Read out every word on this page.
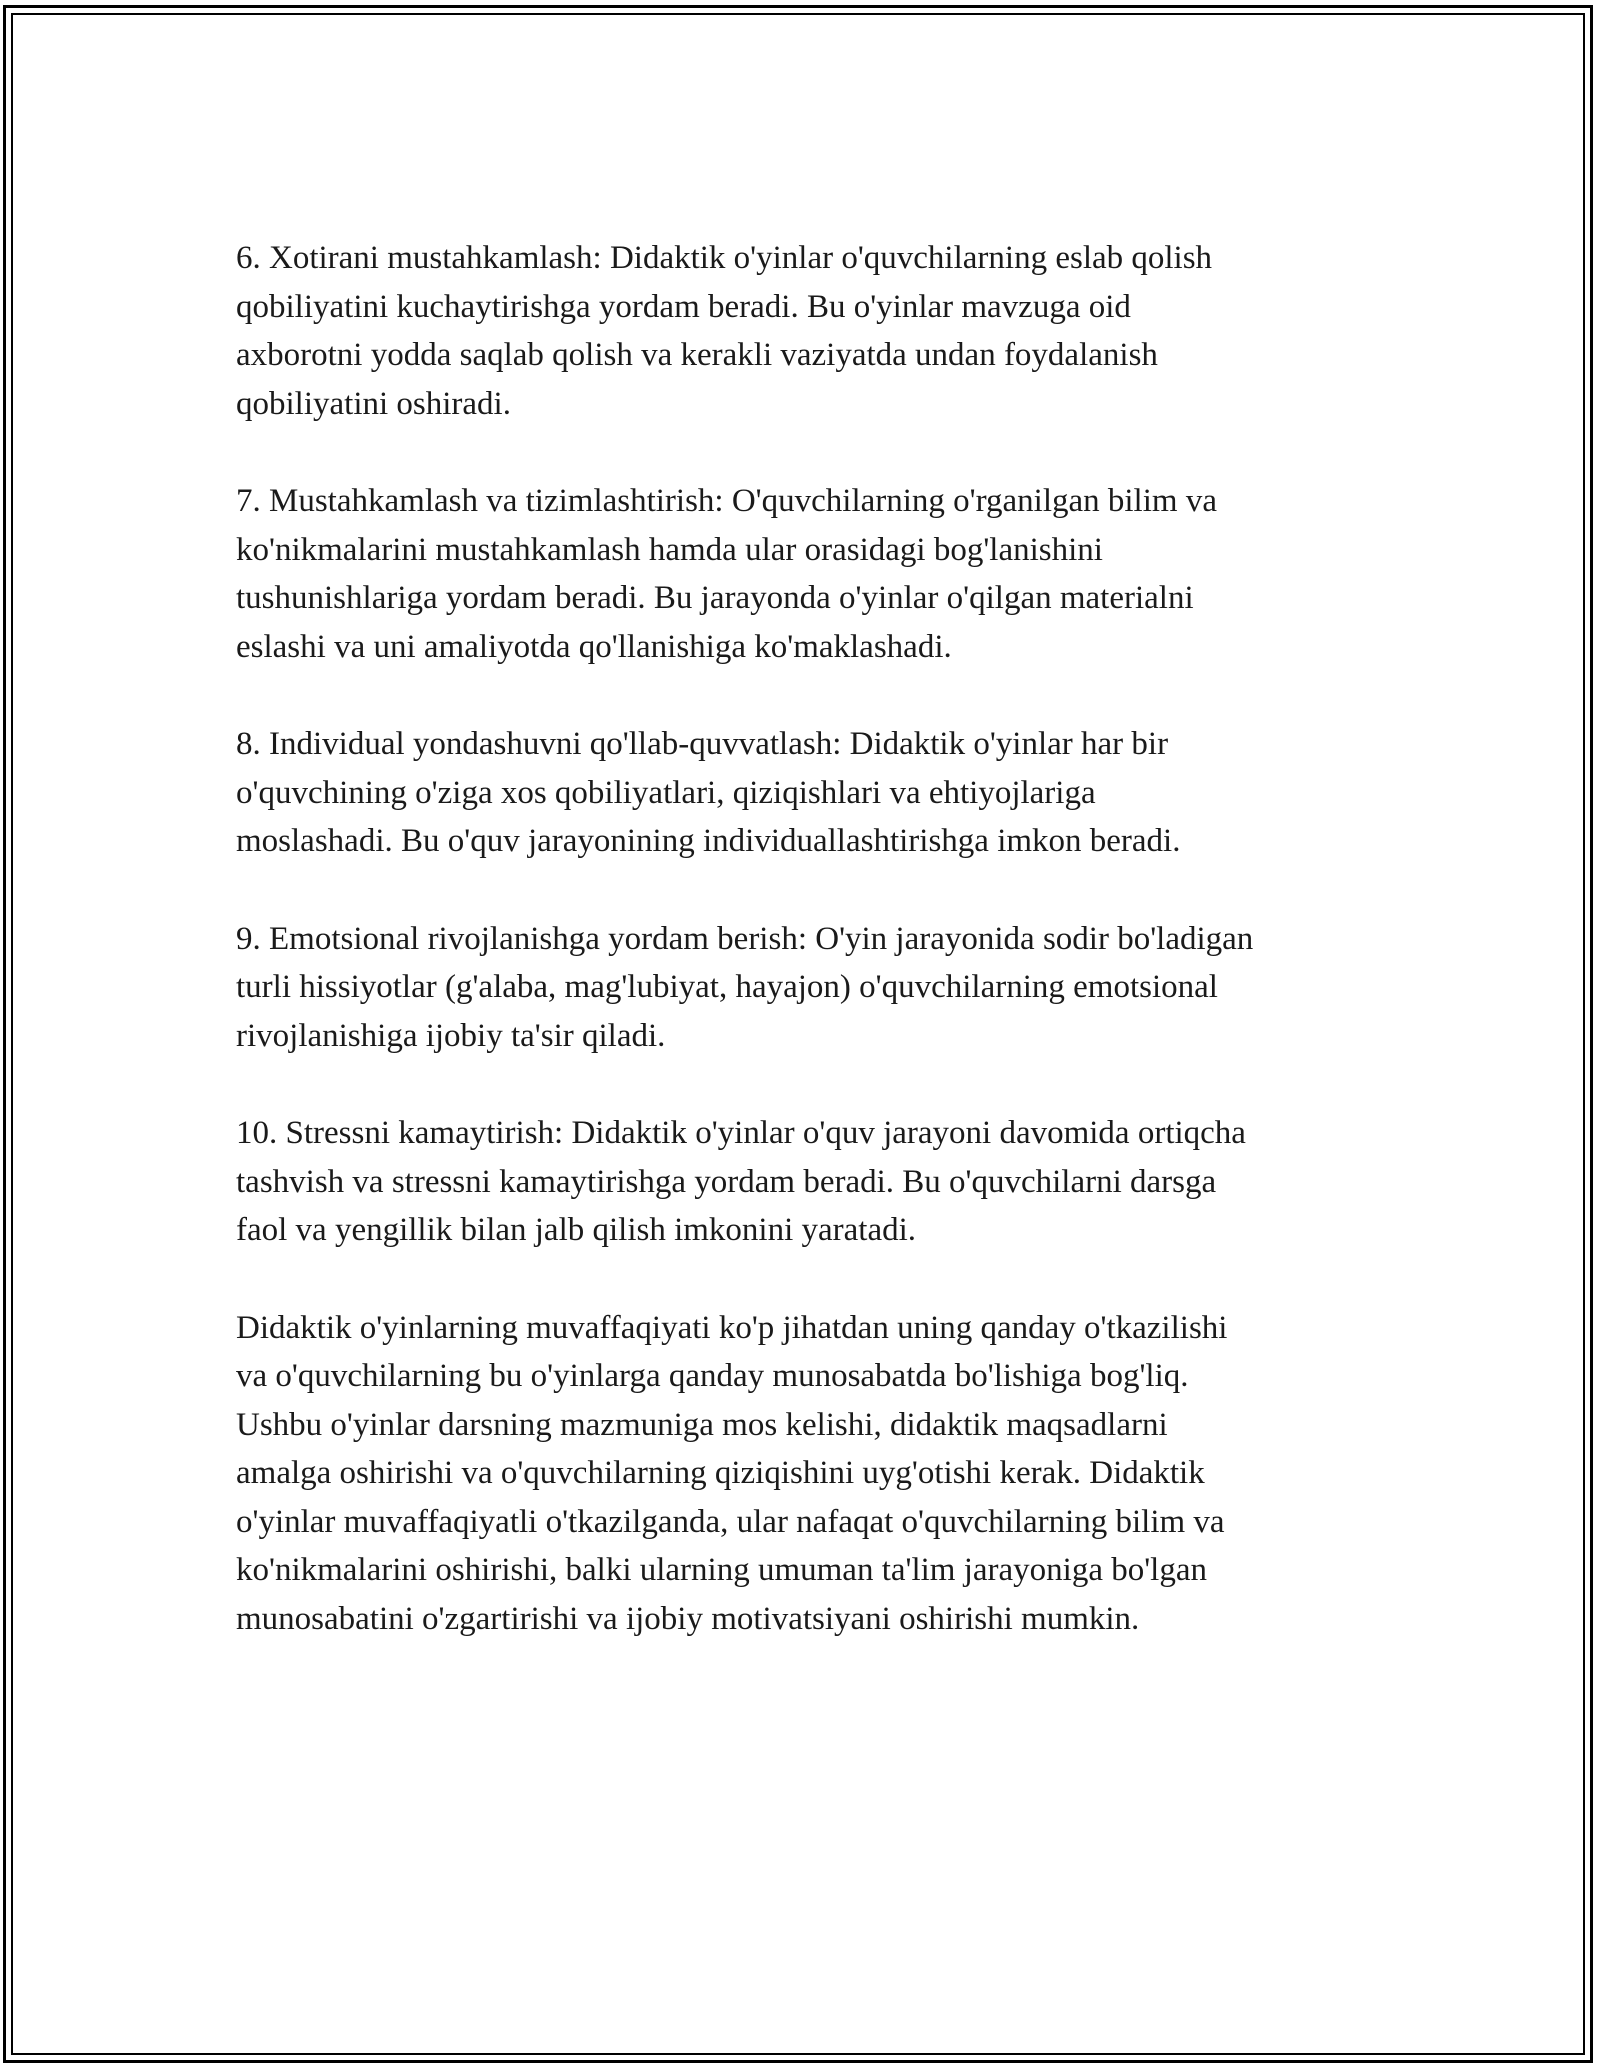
6. Xotirani mustahkamlash: Didaktik o'yinlar o'quvchilarning eslab qolish
qobiliyatini kuchaytirishga yordam beradi. Bu o'yinlar mavzuga oid
axborotni yodda saqlab qolish va kerakli vaziyatda undan foydalanish
qobiliyatini oshiradi.

7. Mustahkamlash va tizimlashtirish: O'quvchilarning o'rganilgan bilim va
ko'nikmalarini mustahkamlash hamda ular orasidagi bog'lanishini
tushunishlariga yordam beradi. Bu jarayonda o'yinlar o'qilgan materialni
eslashi va uni amaliyotda qo'llanishiga ko'maklashadi.

8. Individual yondashuvni qo'llab-quvvatlash: Didaktik o'yinlar har bir
o'quvchining o'ziga xos qobiliyatlari, qiziqishlari va ehtiyojlariga
moslashadi. Bu o'quv jarayonining individuallashtirishga imkon beradi.

9. Emotsional rivojlanishga yordam berish: O'yin jarayonida sodir bo'ladigan
turli hissiyotlar (g'alaba, mag'lubiyat, hayajon) o'quvchilarning emotsional
rivojlanishiga ijobiy ta'sir qiladi.

10. Stressni kamaytirish: Didaktik o'yinlar o'quv jarayoni davomida ortiqcha
tashvish va stressni kamaytirishga yordam beradi. Bu o'quvchilarni darsga
faol va yengillik bilan jalb qilish imkonini yaratadi.

Didaktik o'yinlarning muvaffaqiyati ko'p jihatdan uning qanday o'tkazilishi
va o'quvchilarning bu o'yinlarga qanday munosabatda bo'lishiga bog'liq.
Ushbu o'yinlar darsning mazmuniga mos kelishi, didaktik maqsadlarni
amalga oshirishi va o'quvchilarning qiziqishini uyg'otishi kerak. Didaktik
o'yinlar muvaffaqiyatli o'tkazilganda, ular nafaqat o'quvchilarning bilim va
ko'nikmalarini oshirishi, balki ularning umuman ta'lim jarayoniga bo'lgan
munosabatini o'zgartirishi va ijobiy motivatsiyani oshirishi mumkin.
